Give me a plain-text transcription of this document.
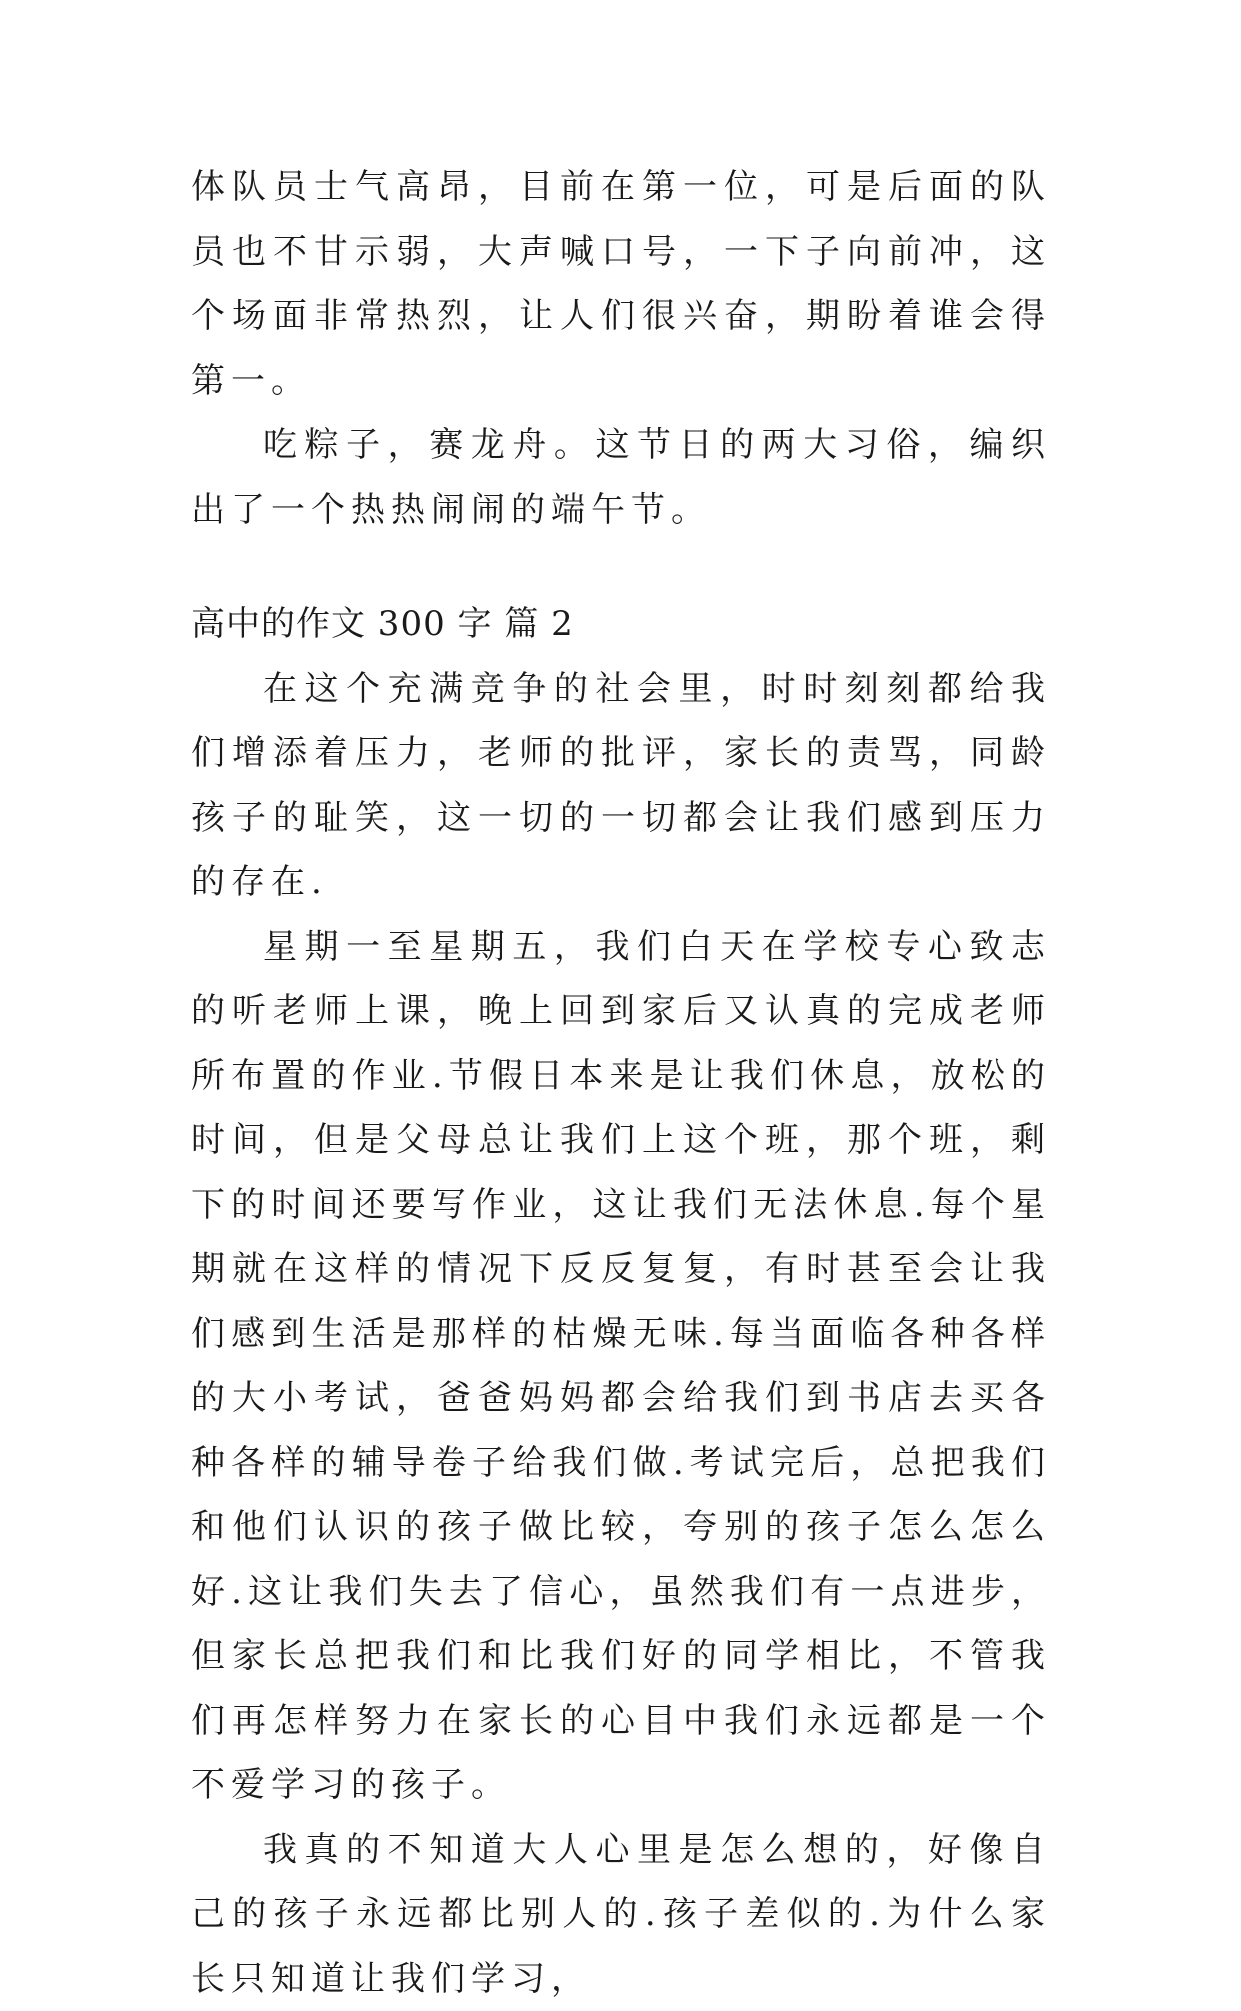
体队员士气高昂，目前在第一位，可是后面的队员也不甘示弱，大声喊口号，一下子向前冲，这个场面非常热烈，让人们很兴奋，期盼着谁会得第一。

吃粽子，赛龙舟。这节日的两大习俗，编织出了一个热热闹闹的端午节。

高中的作文 300 字 篇 2

在这个充满竞争的社会里，时时刻刻都给我们增添着压力，老师的批评，家长的责骂，同龄孩子的耻笑，这一切的一切都会让我们感到压力的存在.

星期一至星期五，我们白天在学校专心致志的听老师上课，晚上回到家后又认真的完成老师所布置的作业.节假日本来是让我们休息，放松的时间，但是父母总让我们上这个班，那个班，剩下的时间还要写作业，这让我们无法休息.每个星期就在这样的情况下反反复复，有时甚至会让我们感到生活是那样的枯燥无味.每当面临各种各样的大小考试，爸爸妈妈都会给我们到书店去买各种各样的辅导卷子给我们做.考试完后，总把我们和他们认识的孩子做比较，夸别的孩子怎么怎么好.这让我们失去了信心，虽然我们有一点进步，但家长总把我们和比我们好的同学相比，不管我们再怎样努力在家长的心目中我们永远都是一个不爱学习的孩子。

我真的不知道大人心里是怎么想的，好像自己的孩子永远都比别人的.孩子差似的.为什么家长只知道让我们学习，
